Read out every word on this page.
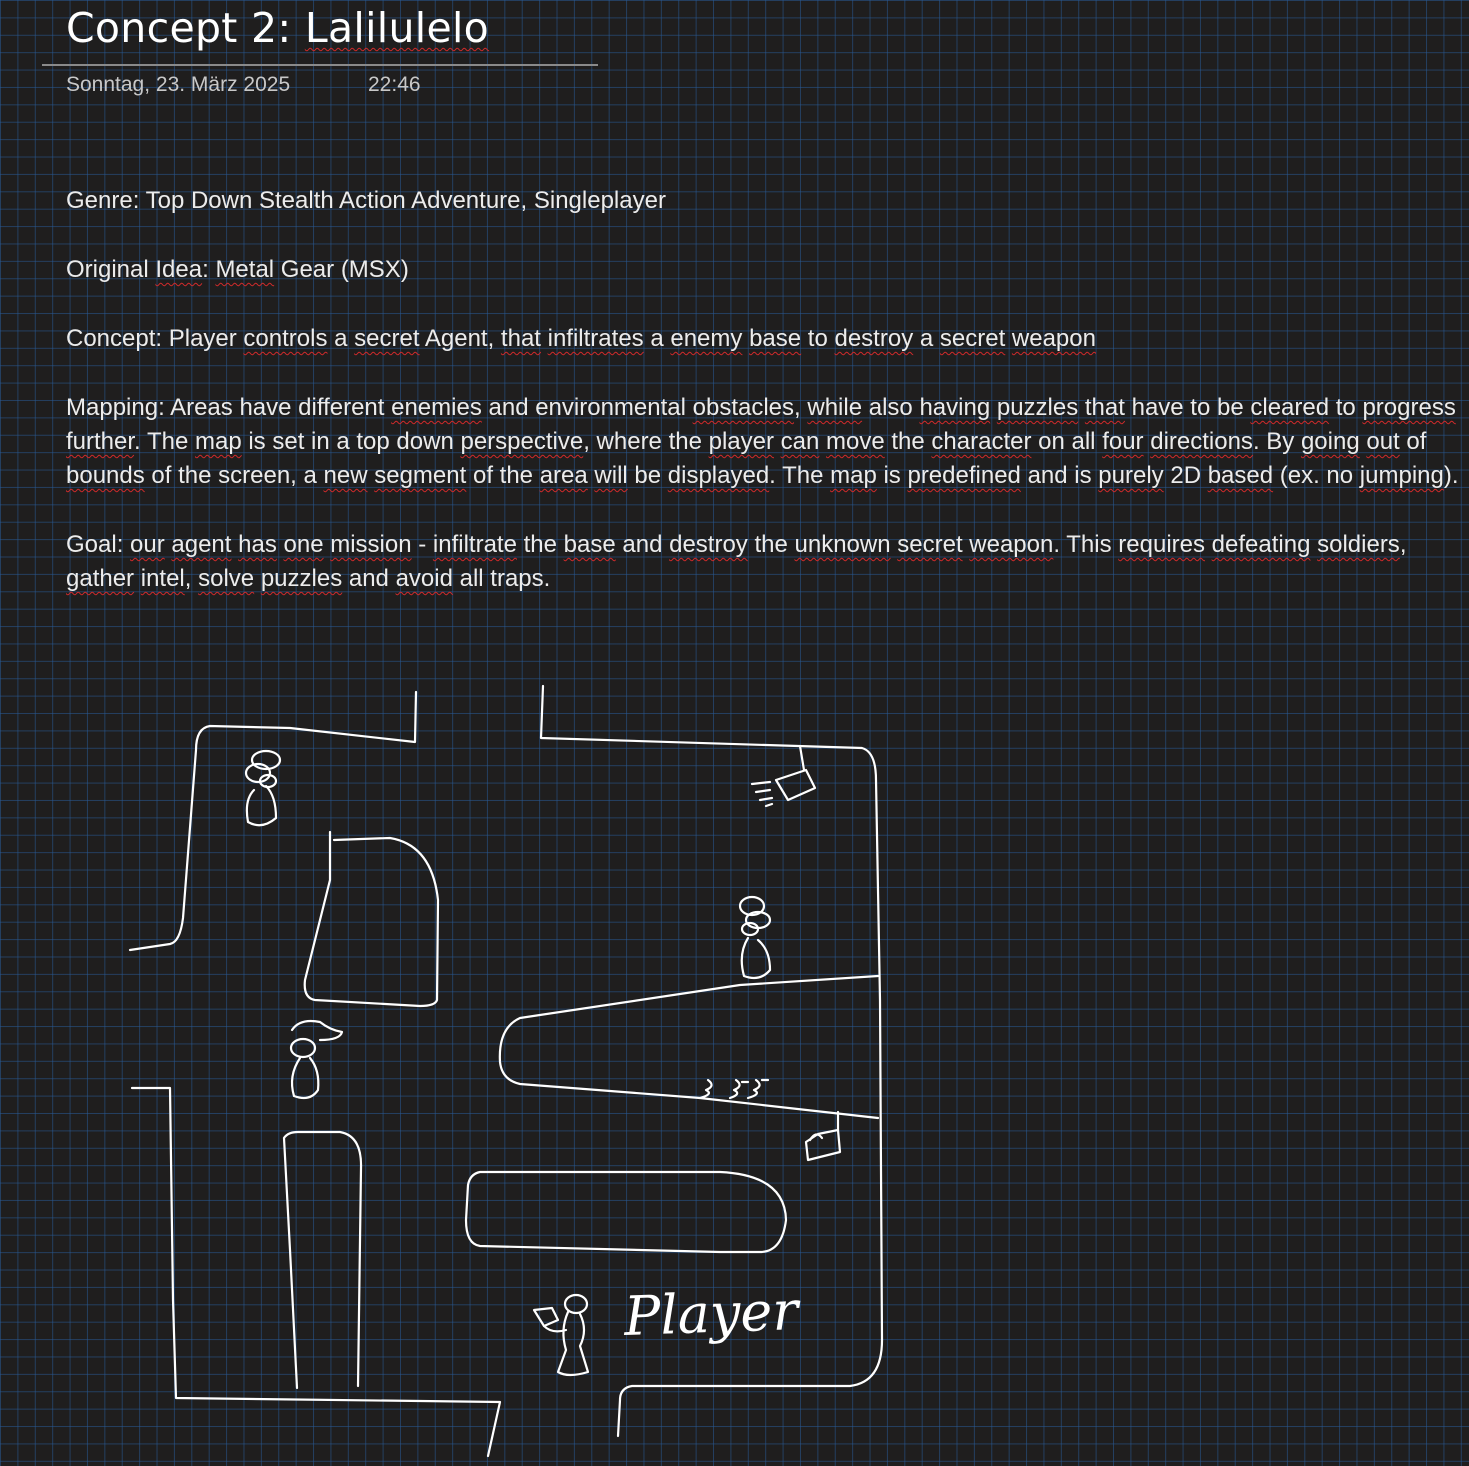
Concept 2: Lalilulelo
Sonntag, 23. März 2025	22:46

Genre: Top Down Stealth Action Adventure, Singleplayer

Original Idea: Metal Gear (MSX)

Concept: Player controls a secret Agent, that infiltrates a enemy base to destroy a secret weapon

Mapping: Areas have different enemies and environmental obstacles, while also having puzzles that have to be cleared to progress further. The map is set in a top down perspective, where the player can move the character on all four directions. By going out of bounds of the screen, a new segment of the area will be displayed. The map is predefined and is purely 2D based (ex. no jumping).

Goal: our agent has one mission - infiltrate the base and destroy the unknown secret weapon. This requires defeating soldiers, gather intel, solve puzzles and avoid all traps.

Player
